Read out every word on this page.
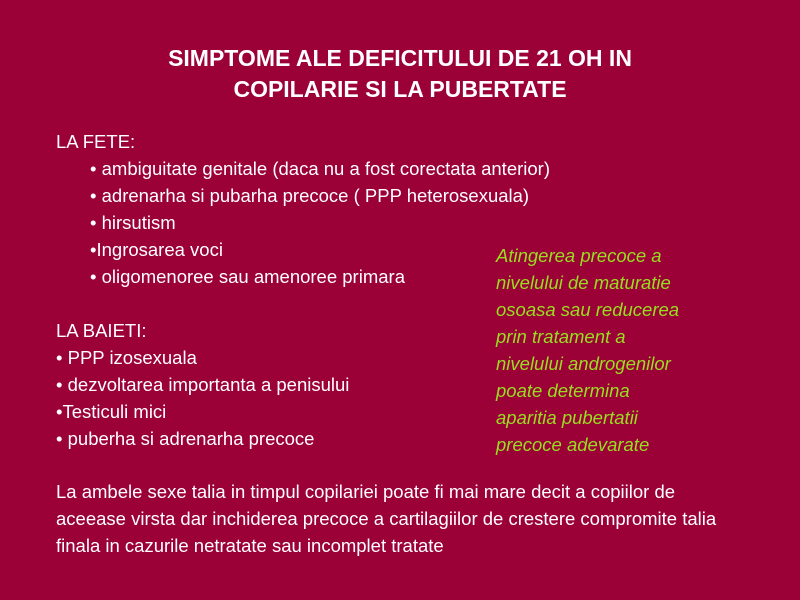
SIMPTOME ALE DEFICITULUI DE 21 OH IN
COPILARIE SI LA PUBERTATE
LA FETE:
• ambiguitate genitale (daca nu a fost corectata anterior)
• adrenarha si pubarha precoce ( PPP heterosexuala)
• hirsutism
•Ingrosarea voci
• oligomenoree sau amenoree primara
LA BAIETI:
• PPP izosexuala
• dezvoltarea importanta a penisului
•Testiculi mici
• puberha si adrenarha precoce
Atingerea precoce a
nivelului de maturatie
osoasa sau reducerea
prin tratament a
nivelului androgenilor
poate determina
aparitia pubertatii
precoce adevarate
La ambele sexe talia in timpul copilariei poate fi mai mare decit a copiilor de aceease virsta dar inchiderea precoce a cartilagiilor de crestere compromite talia finala in cazurile netratate sau incomplet tratate
